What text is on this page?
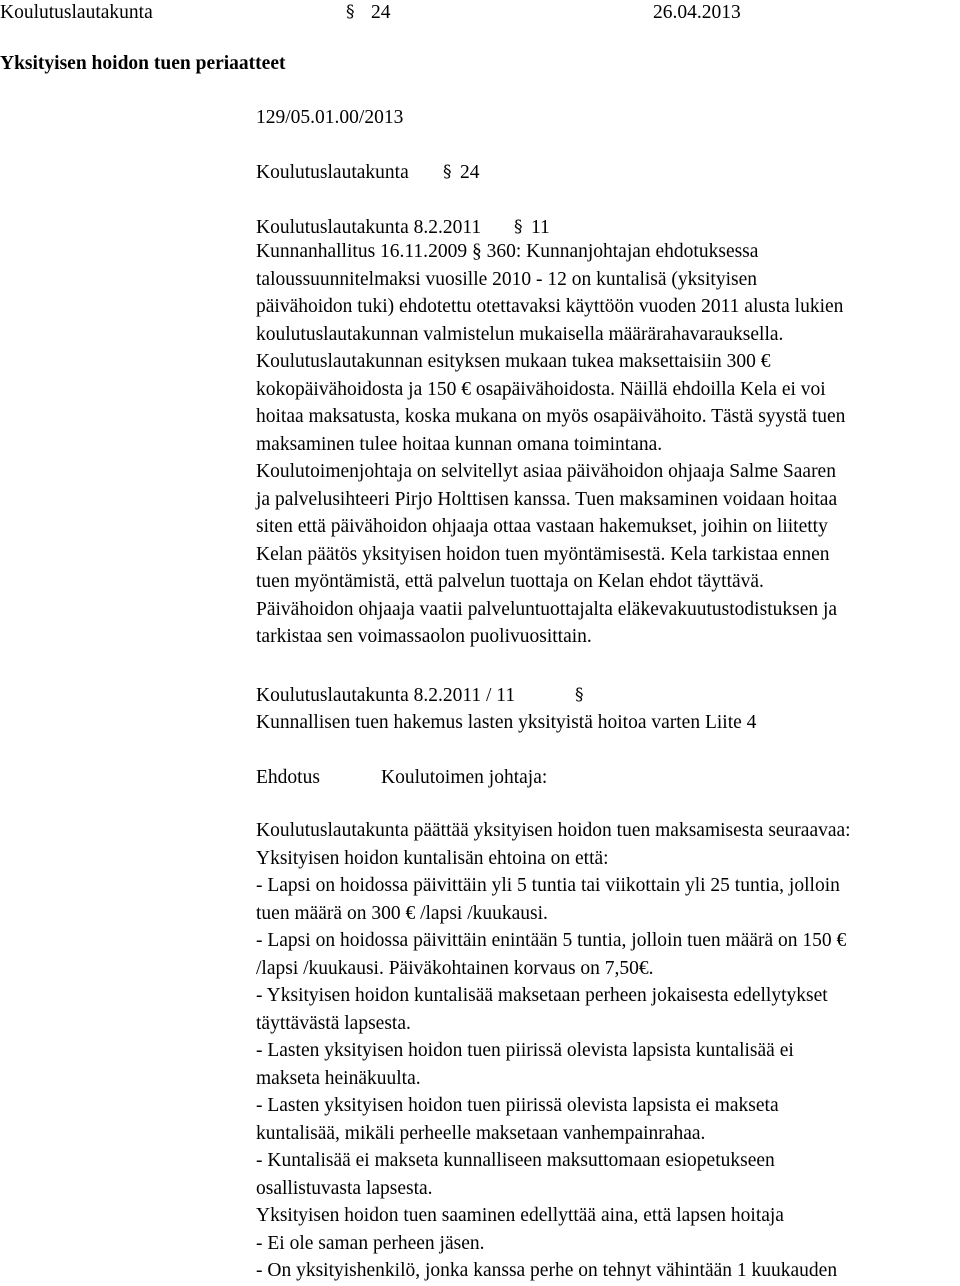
Koulutuslautakunta	§ 24	26.04.2013
Yksityisen hoidon tuen periaatteet
129/05.01.00/2013
Koulutuslautakunta § 24
Koulutuslautakunta 8.2.2011 § 11
Kunnanhallitus 16.11.2009 § 360: Kunnanjohtajan ehdotuksessa
taloussuunnitelmaksi vuosille 2010 - 12 on kuntalisä (yksityisen
päivähoidon tuki) ehdotettu otettavaksi käyttöön vuoden 2011 alusta lukien
koulutuslautakunnan valmistelun mukaisella määrärahavarauksella.
Koulutuslautakunnan esityksen mukaan tukea maksettaisiin 300 €
kokopäivähoidosta ja 150 € osapäivähoidosta. Näillä ehdoilla Kela ei voi
hoitaa maksatusta, koska mukana on myös osapäivähoito. Tästä syystä tuen
maksaminen tulee hoitaa kunnan omana toimintana.
Koulutoimenjohtaja on selvitellyt asiaa päivähoidon ohjaaja Salme Saaren
ja palvelusihteeri Pirjo Holttisen kanssa. Tuen maksaminen voidaan hoitaa
siten että päivähoidon ohjaaja ottaa vastaan hakemukset, joihin on liitetty
Kelan päätös yksityisen hoidon tuen myöntämisestä. Kela tarkistaa ennen
tuen myöntämistä, että palvelun tuottaja on Kelan ehdot täyttävä.
Päivähoidon ohjaaja vaatii palveluntuottajalta eläkevakuutustodistuksen ja
tarkistaa sen voimassaolon puolivuosittain.
Koulutuslautakunta 8.2.2011 / 11	§
Kunnallisen tuen hakemus lasten yksityistä hoitoa varten Liite 4
Ehdotus	Koulutoimen johtaja:
Koulutuslautakunta päättää yksityisen hoidon tuen maksamisesta seuraavaa:
Yksityisen hoidon kuntalisän ehtoina on että:
- Lapsi on hoidossa päivittäin yli 5 tuntia tai viikottain yli 25 tuntia, jolloin
tuen määrä on 300 € /lapsi /kuukausi.
- Lapsi on hoidossa päivittäin enintään 5 tuntia, jolloin tuen määrä on 150 €
/lapsi /kuukausi. Päiväkohtainen korvaus on 7,50€.
- Yksityisen hoidon kuntalisää maksetaan perheen jokaisesta edellytykset
täyttävästä lapsesta.
- Lasten yksityisen hoidon tuen piirissä olevista lapsista kuntalisää ei
makseta heinäkuulta.
- Lasten yksityisen hoidon tuen piirissä olevista lapsista ei makseta
kuntalisää, mikäli perheelle maksetaan vanhempainrahaa.
- Kuntalisää ei makseta kunnalliseen maksuttomaan esiopetukseen
osallistuvasta lapsesta.
Yksityisen hoidon tuen saaminen edellyttää aina, että lapsen hoitaja
- Ei ole saman perheen jäsen.
- On yksityishenkilö, jonka kanssa perhe on tehnyt vähintään 1 kuukauden
